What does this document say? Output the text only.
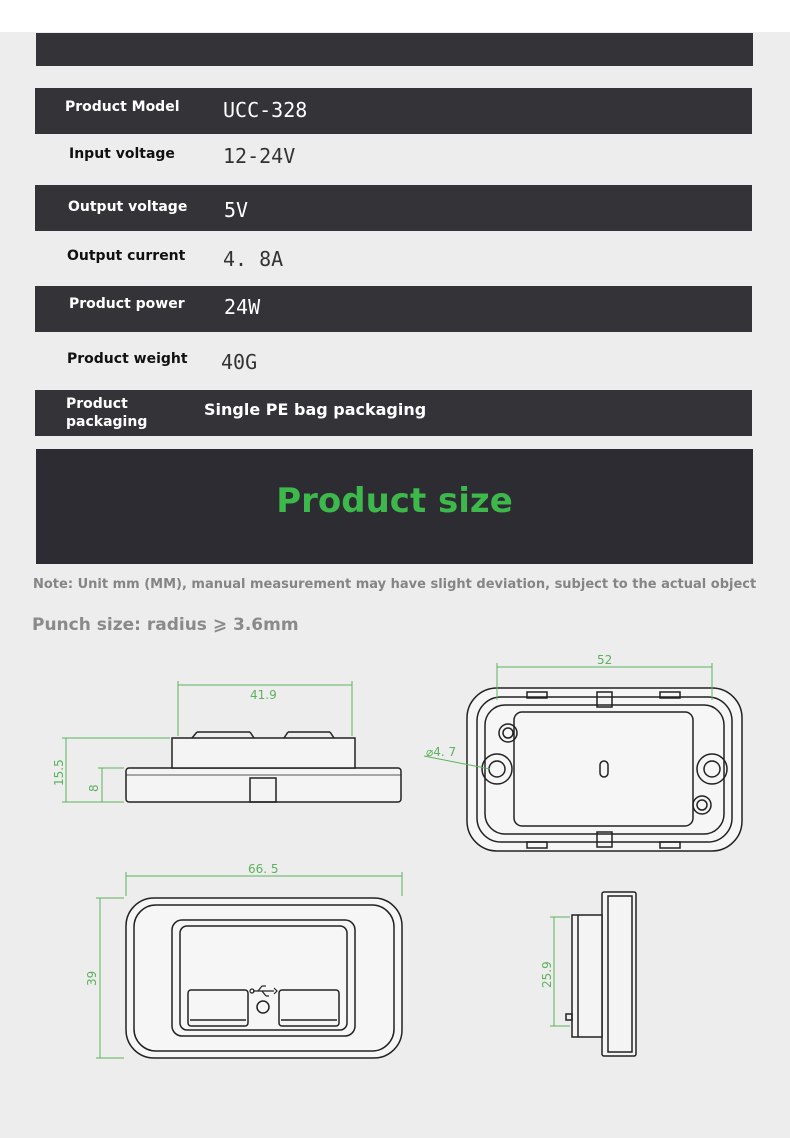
Product Model UCC-328
Input voltage 12-24V
Output voltage 5V
Output current 4. 8A
Product power 24W
Product weight 40G
Product
packaging
Single PE bag packaging
Product size
Note: Unit mm (MM), manual measurement may have slight deviation, subject to the actual object
Punch size: radius ⩾ 3.6mm
41.9
15.5
8
52
⌀4. 7
66. 5
39	25.9
